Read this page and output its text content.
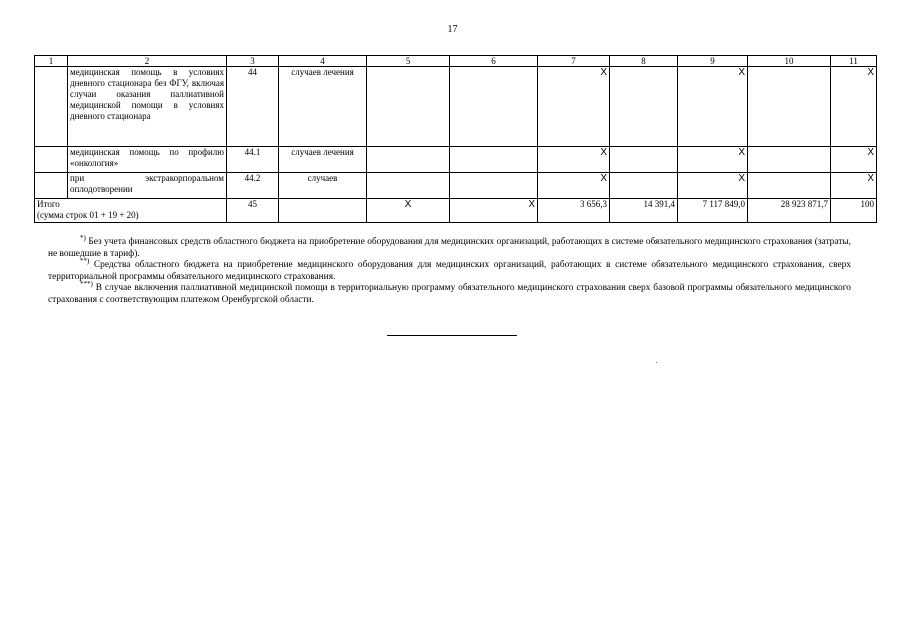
17
1	2	3	4	5	6	7	8	9	10	11
	медицинская помощь в условиях дневного стационара без ФГУ, включая случаи оказания паллиативной медицинской помощи в условиях дневного стационара	44	случаев лечения			X		X		X
	медицинская помощь по профилю «онкология»	44.1	случаев лечения			X		X		X
	при экстракорпоральном оплодотворении	44.2	случаев			X		X		X

Итого
(сумма строк 01 + 19 + 20)		45		X	X	3 656,3	14 391,4	7 117 849,0	28 923 871,7	100

*) Без учета финансовых средств областного бюджета на приобретение оборудования для медицинских организаций, работающих в системе обязательного медицинского страхования (затраты, не вошедшие в тариф).

**) Средства областного бюджета на приобретение медицинского оборудования для медицинских организаций, работающих в системе обязательного медицинского страхования, сверх территориальной программы обязательного медицинского страхования.

***) В случае включения паллиативной медицинской помощи в территориальную программу обязательного медицинского страхования сверх базовой программы обязательного медицинского страхования с соответствующим платежом Оренбургской области.
